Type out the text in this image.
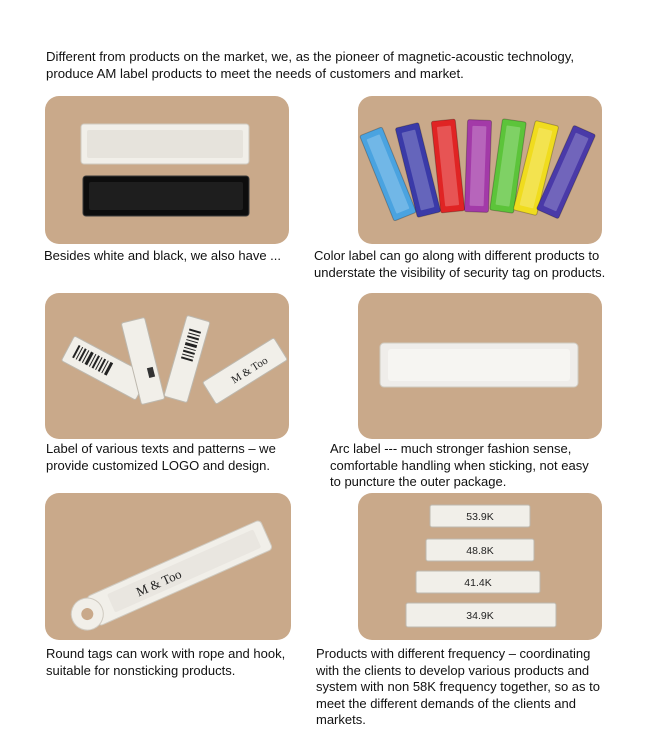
Different from products on the market, we, as the pioneer of magnetic-acoustic technology,
produce AM label products to meet the needs of customers and market.
Besides white and black, we also have ...	Color label can go along with different products to
understate the visibility of security tag on products.
M & Too
Label of various texts and patterns – we
provide customized LOGO and design.
Arc label --- much stronger fashion sense,
comfortable handling when sticking, not easy
to puncture the outer package.
M & Too
Round tags can work with rope and hook,
suitable for nonsticking products.
53.9K
48.8K
41.4K
34.9K
Products with different frequency – coordinating
with the clients to develop various products and
system with non 58K frequency together, so as to
meet the different demands of the clients and
markets.
